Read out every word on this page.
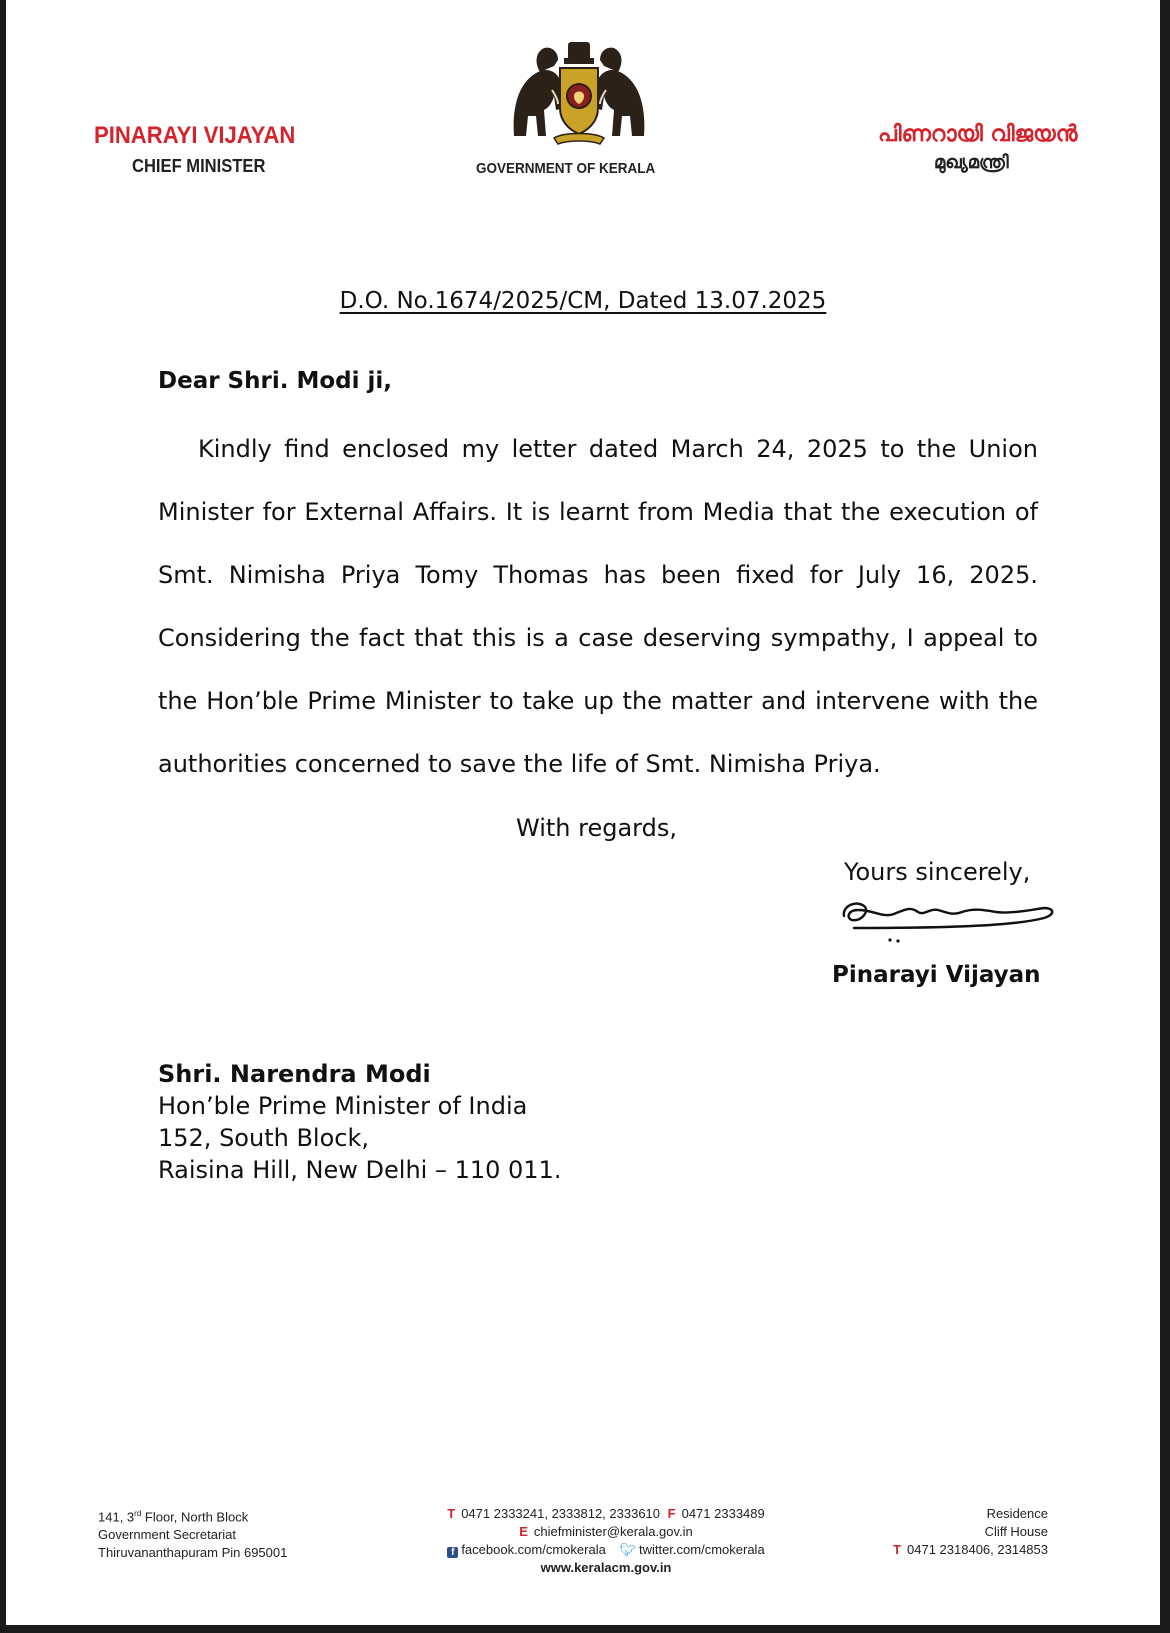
PINARAYI VIJAYAN
CHIEF MINISTER	GOVERNMENT OF KERALA
പിണറായി വിജയൻ
മുഖ്യമന്ത്രി
D.O. No.1674/2025/CM, Dated 13.07.2025
Dear Shri. Modi ji,
Kindly find enclosed my letter dated March 24, 2025 to the Union Minister for External Affairs. It is learnt from Media that the execution of Smt. Nimisha Priya Tomy Thomas has been fixed for July 16, 2025. Considering the fact that this is a case deserving sympathy, I appeal to the Hon’ble Prime Minister to take up the matter and intervene with the authorities concerned to save the life of Smt. Nimisha Priya.
With regards,
Yours sincerely,
Pinarayi Vijayan
Shri. Narendra Modi
Hon’ble Prime Minister of India
152, South Block,
Raisina Hill, New Delhi – 110 011.
141, 3rd Floor, North Block
Government Secretariat
Thiruvananthapuram Pin 695001
T 0471 2333241, 2333812, 2333610 F 0471 2333489
E chiefminister@kerala.gov.in
f facebook.com/cmokerala 🐦︎ twitter.com/cmokerala
www.keralacm.gov.in
Residence
Cliff House
T 0471 2318406, 2314853
